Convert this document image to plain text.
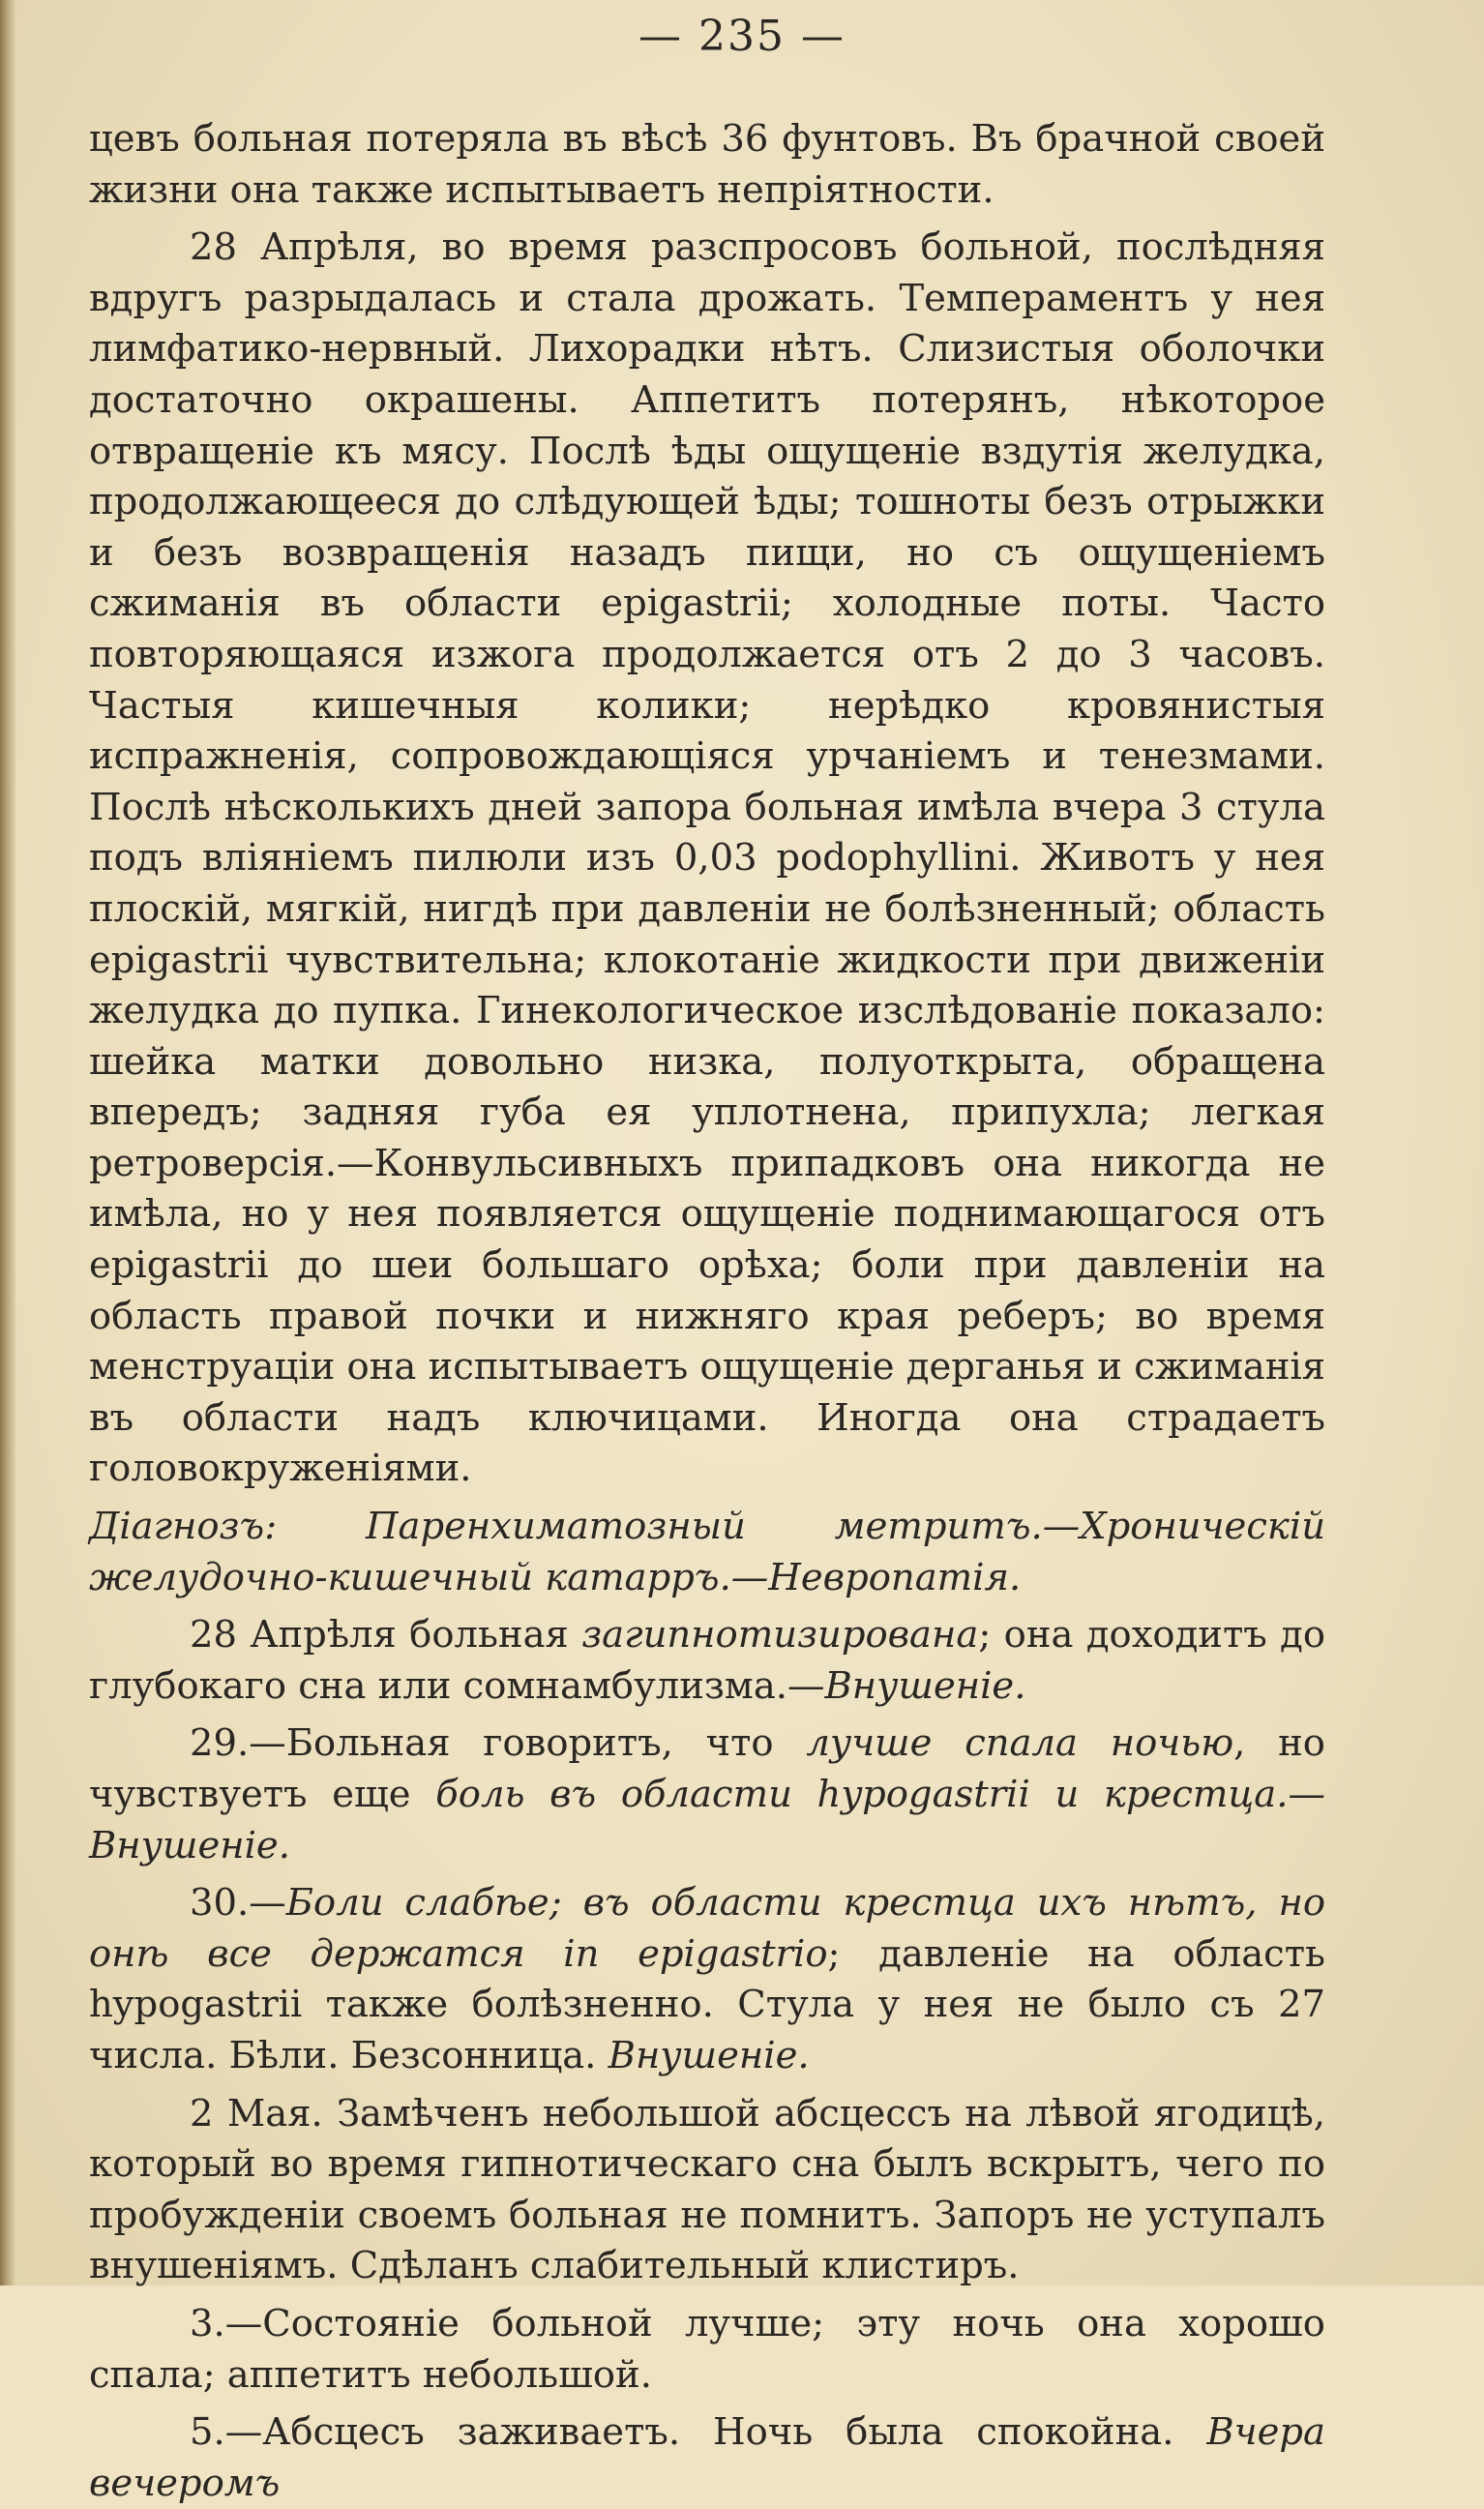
— 235 —

цевъ больная потеряла въ вѣсѣ 36 фунтовъ. Въ брачной своей жизни она также испытываетъ непріятности.

28 Апрѣля, во время разспросовъ больной, послѣдняя вдругъ разрыдалась и стала дрожать. Темпераментъ у нея лимфатико-нервный. Лихорадки нѣтъ. Слизистыя оболочки достаточно окрашены. Аппетитъ потерянъ, нѣкоторое отвращеніе къ мясу. Послѣ ѣды ощущеніе вздутія желудка, продолжающееся до слѣдующей ѣды; тошноты безъ отрыжки и безъ возвращенія назадъ пищи, но съ ощущеніемъ сжиманія въ области epigastrii; холодные поты. Часто повторяющаяся изжога продолжается отъ 2 до 3 часовъ. Частыя кишечныя колики; нерѣдко кровянистыя испражненія, сопровождающіяся урчаніемъ и тенезмами. Послѣ нѣсколькихъ дней запора больная имѣла вчера 3 стула подъ вліяніемъ пилюли изъ 0,03 podophyllini. Животъ у нея плоскій, мягкій, нигдѣ при давленіи не болѣзненный; область epigastrii чувствительна; клокотаніе жидкости при движеніи желудка до пупка. Гинекологическое изслѣдованіе показало: шейка матки довольно низка, полуоткрыта, обращена впередъ; задняя губа ея уплотнена, припухла; легкая ретроверсія.—Конвульсивныхъ припадковъ она никогда не имѣла, но у нея появляется ощущеніе поднимающагося отъ epigastrii до шеи большаго орѣха; боли при давленіи на область правой почки и нижняго края реберъ; во время менструаціи она испытываетъ ощущеніе дерганья и сжиманія въ области надъ ключицами. Иногда она страдаетъ головокруженіями.

Діагнозъ: Паренхиматозный метритъ.—Хроническій желудочно-кишечный катарръ.—Невропатія.

28 Апрѣля больная загипнотизирована; она доходитъ до глубокаго сна или сомнамбулизма.—Внушеніе.

29.—Больная говоритъ, что лучше спала ночью, но чувствуетъ еще боль въ области hypogastrii и крестца.—Внушеніе.

30.—Боли слабѣе; въ области крестца ихъ нѣтъ, но онѣ все держатся in epigastrio; давленіе на область hypogastrii также болѣзненно. Стула у нея не было съ 27 числа. Бѣли. Безсонница. Внушеніе.

2 Мая. Замѣченъ небольшой абсцессъ на лѣвой ягодицѣ, который во время гипнотическаго сна былъ вскрытъ, чего по пробужденіи своемъ больная не помнитъ. Запоръ не уступалъ внушеніямъ. Сдѣланъ слабительный клистиръ.

3.—Состояніе больной лучше; эту ночь она хорошо спала; аппетитъ небольшой.

5.—Абсцесъ заживаетъ. Ночь была спокойна. Вчера вечеромъ
